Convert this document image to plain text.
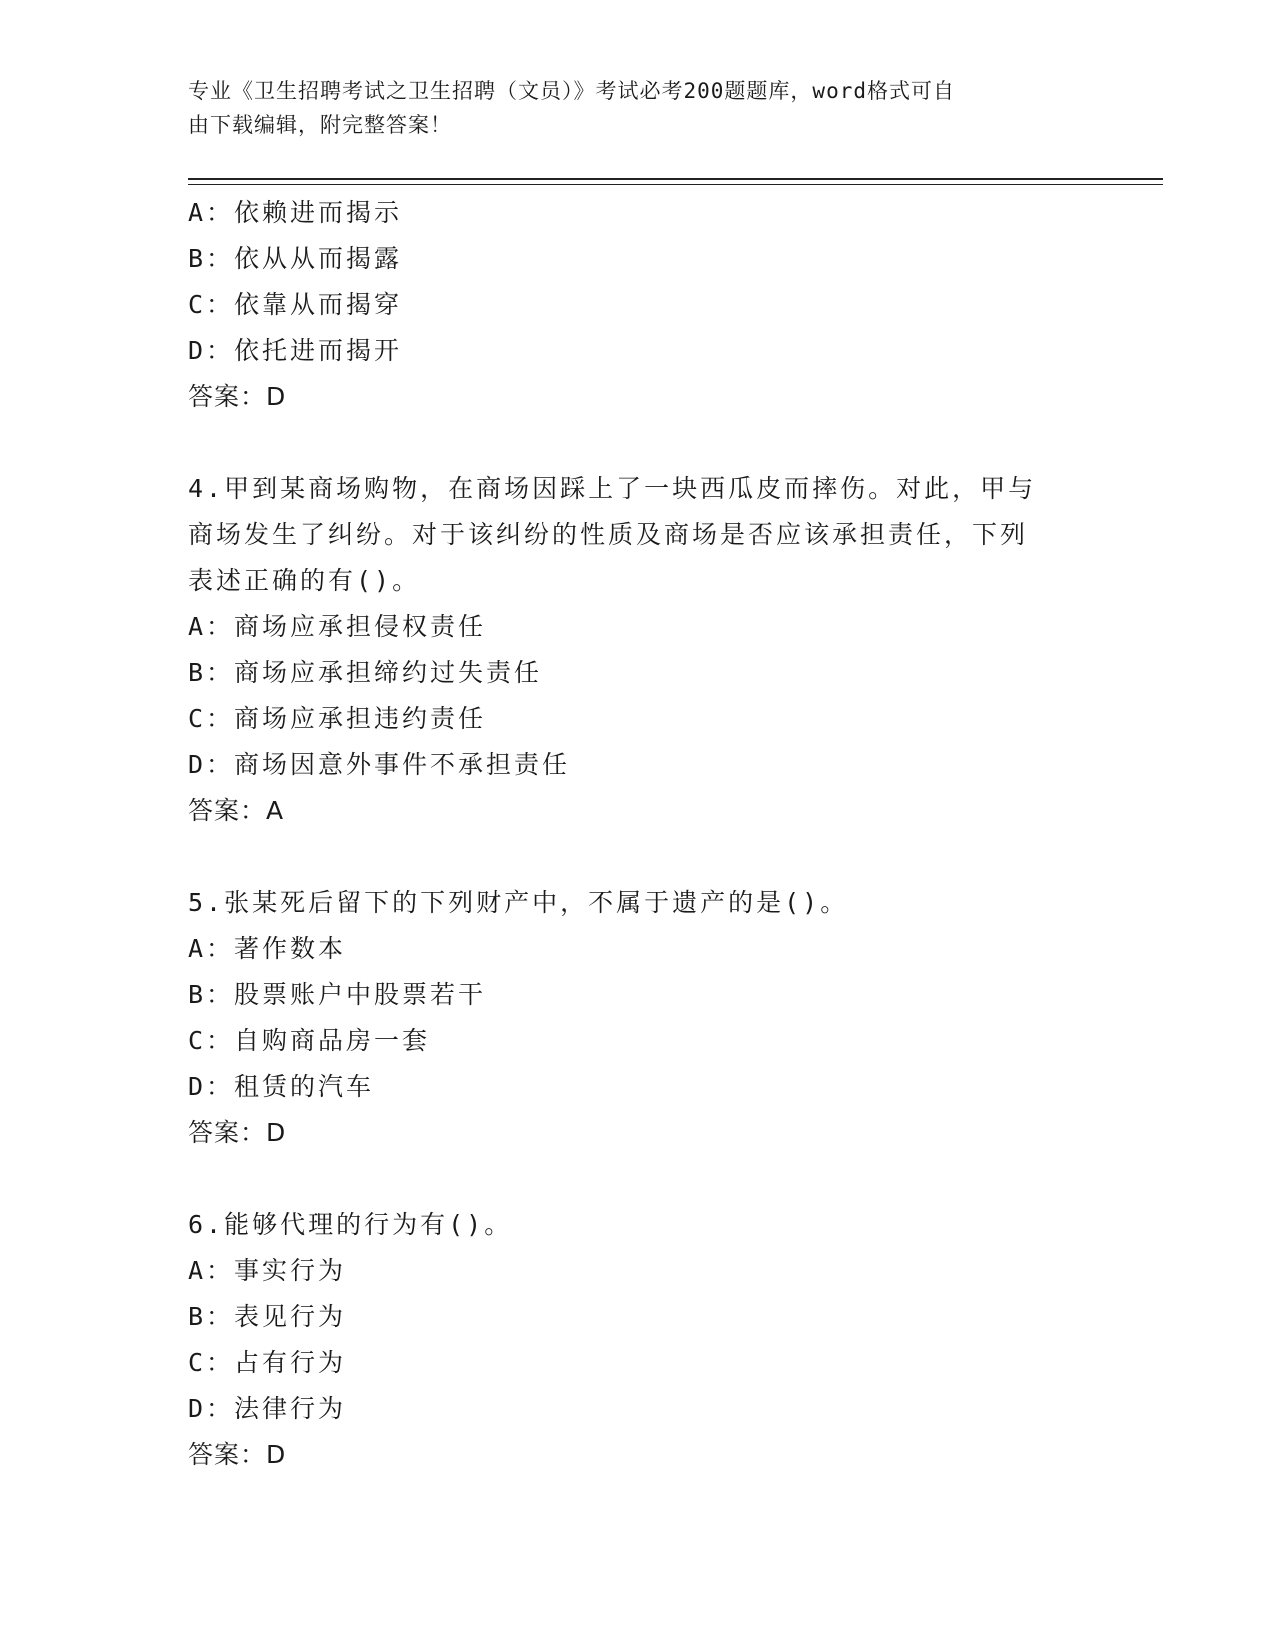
专业《卫生招聘考试之卫生招聘（文员）》考试必考200题题库，word格式可自
由下载编辑，附完整答案！
A：依赖进而揭示
B：依从从而揭露
C：依靠从而揭穿
D：依托进而揭开
答案：D
4.甲到某商场购物，在商场因踩上了一块西瓜皮而摔伤。对此，甲与
商场发生了纠纷。对于该纠纷的性质及商场是否应该承担责任，下列
表述正确的有()。
A：商场应承担侵权责任
B：商场应承担缔约过失责任
C：商场应承担违约责任
D：商场因意外事件不承担责任
答案：A
5.张某死后留下的下列财产中，不属于遗产的是()。
A：著作数本
B：股票账户中股票若干
C：自购商品房一套
D：租赁的汽车
答案：D
6.能够代理的行为有()。
A：事实行为
B：表见行为
C：占有行为
D：法律行为
答案：D
